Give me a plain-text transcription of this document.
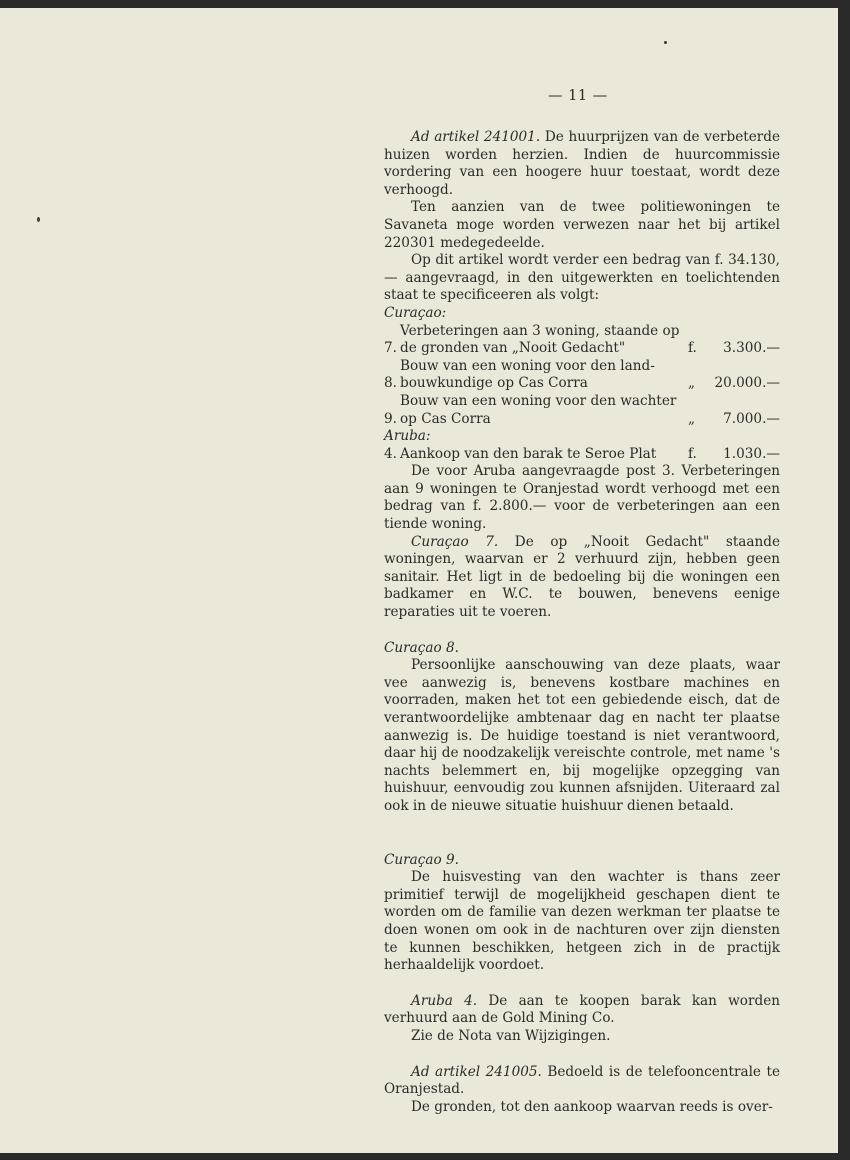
— 11 —

Ad artikel 241001. De huurprijzen van de verbeterde huizen worden herzien. Indien de huurcommissie vordering van een hoogere huur toestaat, wordt deze verhoogd.

Ten aanzien van de twee politiewoningen te Savaneta moge worden verwezen naar het bij artikel 220301 medegedeelde.

Op dit artikel wordt verder een bedrag van f. 34.130,— aangevraagd, in den uitgewerkten en toelichtenden staat te specificeeren als volgt:

Curaçao:

7.
Verbeteringen aan 3 woning, staande op
de gronden van „Nooit Gedacht"	f.	3.300.—
8.
Bouw van een woning voor den land-
bouwkundige op Cas Corra	„	20.000.—
9.
Bouw van een woning voor den wachter
op Cas Corra	„	7.000.—

Aruba:

4. Aankoop van den barak te Seroe Plat	f.	1.030.—

De voor Aruba aangevraagde post 3. Verbeteringen aan 9 woningen te Oranjestad wordt verhoogd met een bedrag van f. 2.800.— voor de verbeteringen aan een tiende woning.

Curaçao 7. De op „Nooit Gedacht" staande woningen, waarvan er 2 verhuurd zijn, hebben geen sanitair. Het ligt in de bedoeling bij die woningen een badkamer en W.C. te bouwen, benevens eenige reparaties uit te voeren.

Curaçao 8.

Persoonlijke aanschouwing van deze plaats, waar vee aanwezig is, benevens kostbare machines en voorraden, maken het tot een gebiedende eisch, dat de verantwoordelijke ambtenaar dag en nacht ter plaatse aanwezig is. De huidige toestand is niet verantwoord, daar hij de noodzakelijk vereischte controle, met name 's nachts belemmert en, bij mogelijke opzegging van huishuur, eenvoudig zou kunnen afsnijden. Uiteraard zal ook in de nieuwe situatie huishuur dienen betaald.

Curaçao 9.

De huisvesting van den wachter is thans zeer primitief terwijl de mogelijkheid geschapen dient te worden om de familie van dezen werkman ter plaatse te doen wonen om ook in de nachturen over zijn diensten te kunnen beschikken, hetgeen zich in de practijk herhaaldelijk voordoet.

Aruba 4. De aan te koopen barak kan worden verhuurd aan de Gold Mining Co.

Zie de Nota van Wijzigingen.

Ad artikel 241005. Bedoeld is de telefooncentrale te Oranjestad.

De gronden, tot den aankoop waarvan reeds is over-
